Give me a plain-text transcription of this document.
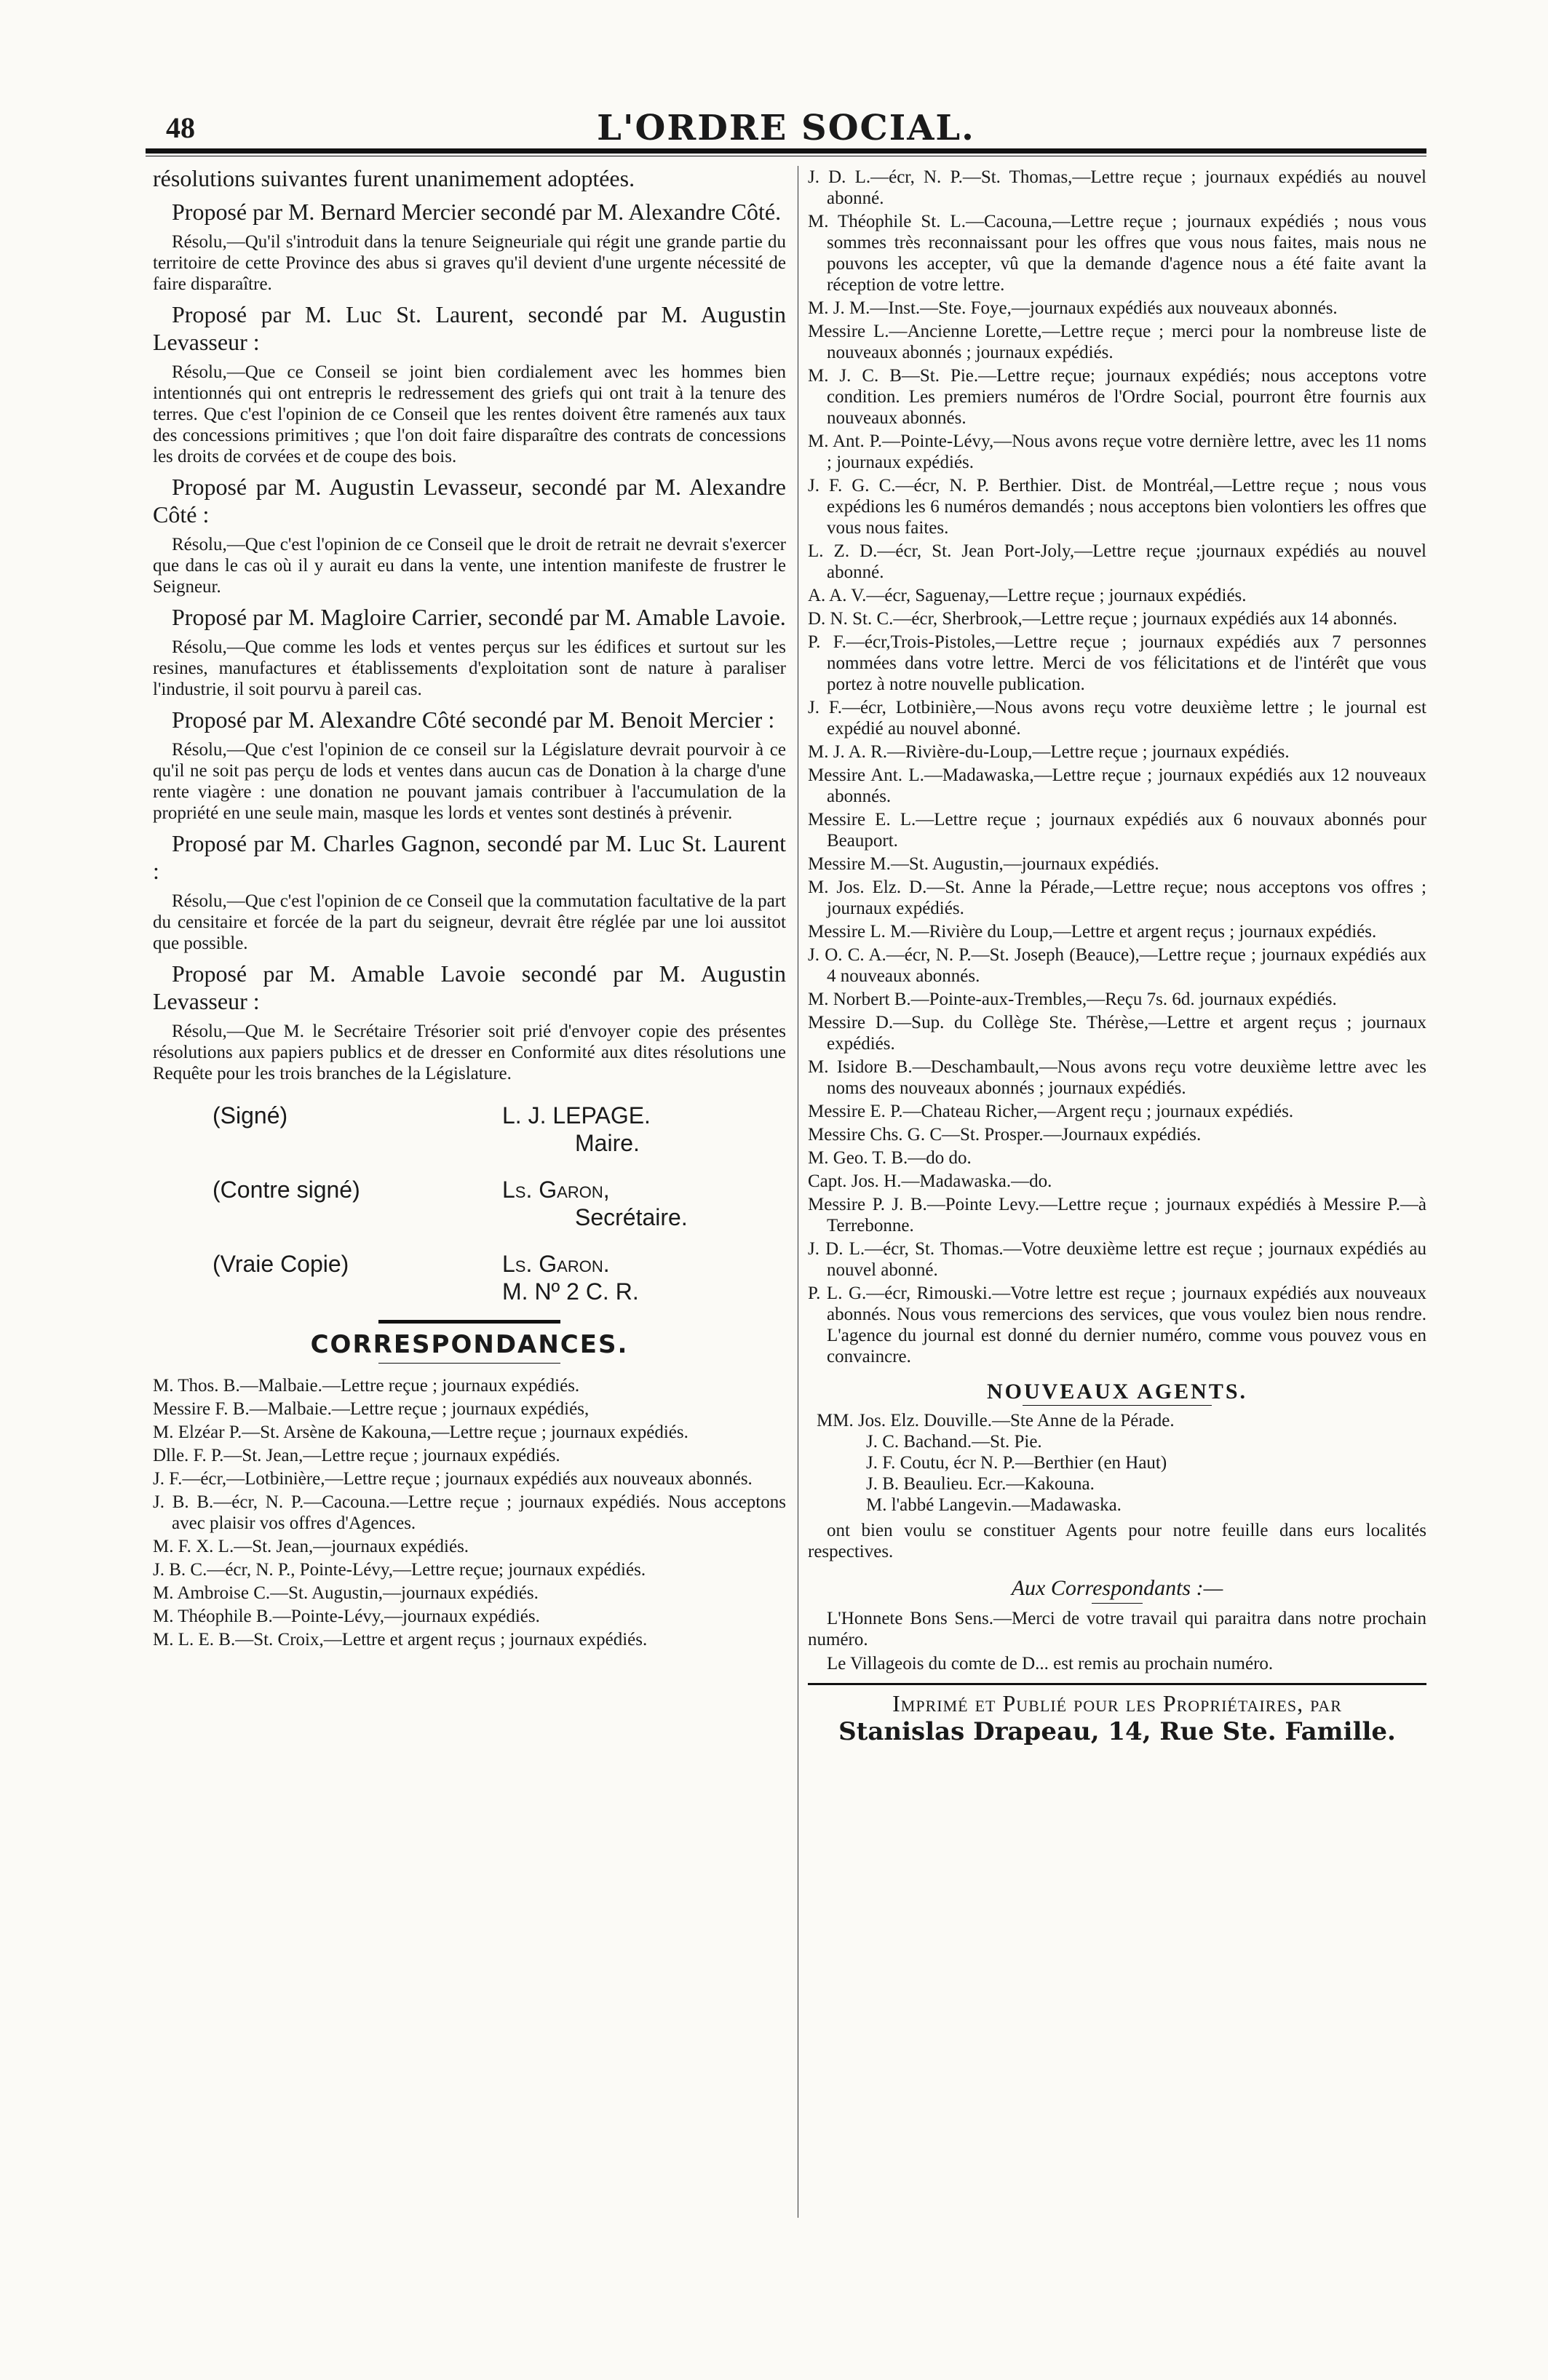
48	L'ORDRE SOCIAL.

résolutions suivantes furent unanimement adoptées.

Proposé par M. Bernard Mercier secondé par M. Alexandre Côté.

Résolu,—Qu'il s'introduit dans la tenure Seigneuriale qui régit une grande partie du territoire de cette Province des abus si graves qu'il devient d'une urgente nécessité de faire disparaître.

Proposé par M. Luc St. Laurent, secondé par M. Augustin Levasseur :

Résolu,—Que ce Conseil se joint bien cordialement avec les hommes bien intentionnés qui ont entrepris le redressement des griefs qui ont trait à la tenure des terres. Que c'est l'opinion de ce Conseil que les rentes doivent être ramenés aux taux des concessions primitives ; que l'on doit faire disparaître des contrats de concessions les droits de corvées et de coupe des bois.

Proposé par M. Augustin Levasseur, secondé par M. Alexandre Côté :

Résolu,—Que c'est l'opinion de ce Conseil que le droit de retrait ne devrait s'exercer que dans le cas où il y aurait eu dans la vente, une intention manifeste de frustrer le Seigneur.

Proposé par M. Magloire Carrier, secondé par M. Amable Lavoie.

Résolu,—Que comme les lods et ventes perçus sur les édifices et surtout sur les resines, manufactures et établissements d'exploitation sont de nature à paraliser l'industrie, il soit pourvu à pareil cas.

Proposé par M. Alexandre Côté secondé par M. Benoit Mercier :

Résolu,—Que c'est l'opinion de ce conseil sur la Législature devrait pourvoir à ce qu'il ne soit pas perçu de lods et ventes dans aucun cas de Donation à la charge d'une rente viagère : une donation ne pouvant jamais contribuer à l'accumulation de la propriété en une seule main, masque les lords et ventes sont destinés à prévenir.

Proposé par M. Charles Gagnon, secondé par M. Luc St. Laurent :

Résolu,—Que c'est l'opinion de ce Conseil que la commutation facultative de la part du censitaire et forcée de la part du seigneur, devrait être réglée par une loi aussitot que possible.

Proposé par M. Amable Lavoie secondé par M. Augustin Levasseur :

Résolu,—Que M. le Secrétaire Trésorier soit prié d'envoyer copie des présentes résolutions aux papiers publics et de dresser en Conformité aux dites résolutions une Requête pour les trois branches de la Législature.

(Signé)	L. J. LEPAGE.
Maire.
(Contre signé)	Ls. Garon,
Secrétaire.
(Vraie Copie)	Ls. Garon.
M. Nº 2 C. R.
CORRESPONDANCES.

M. Thos. B.—Malbaie.—Lettre reçue ; journaux expédiés.

Messire F. B.—Malbaie.—Lettre reçue ; journaux expédiés,

M. Elzéar P.—St. Arsène de Kakouna,—Lettre reçue ; journaux expédiés.

Dlle. F. P.—St. Jean,—Lettre reçue ; journaux expédiés.

J. F.—écr,—Lotbinière,—Lettre reçue ; journaux expédiés aux nouveaux abonnés.

J. B. B.—écr, N. P.—Cacouna.—Lettre reçue ; journaux expédiés. Nous acceptons avec plaisir vos offres d'Agences.

M. F. X. L.—St. Jean,—journaux expédiés.

J. B. C.—écr, N. P., Pointe-Lévy,—Lettre reçue; journaux expédiés.

M. Ambroise C.—St. Augustin,—journaux expédiés.

M. Théophile B.—Pointe-Lévy,—journaux expédiés.

M. L. E. B.—St. Croix,—Lettre et argent reçus ; journaux expédiés.

J. D. L.—écr, N. P.—St. Thomas,—Lettre reçue ; journaux expédiés au nouvel abonné.

M. Théophile St. L.—Cacouna,—Lettre reçue ; journaux expédiés ; nous vous sommes très reconnaissant pour les offres que vous nous faites, mais nous ne pouvons les accepter, vû que la demande d'agence nous a été faite avant la réception de votre lettre.

M. J. M.—Inst.—Ste. Foye,—journaux expédiés aux nouveaux abonnés.

Messire L.—Ancienne Lorette,—Lettre reçue ; merci pour la nombreuse liste de nouveaux abonnés ; journaux expédiés.

M. J. C. B—St. Pie.—Lettre reçue; journaux expédiés; nous acceptons votre condition. Les premiers numéros de l'Ordre Social, pourront être fournis aux nouveaux abonnés.

M. Ant. P.—Pointe-Lévy,—Nous avons reçue votre dernière lettre, avec les 11 noms ; journaux expédiés.

J. F. G. C.—écr, N. P. Berthier. Dist. de Montréal,—Lettre reçue ; nous vous expédions les 6 numéros demandés ; nous acceptons bien volontiers les offres que vous nous faites.

L. Z. D.—écr, St. Jean Port-Joly,—Lettre reçue ;journaux expédiés au nouvel abonné.

A. A. V.—écr, Saguenay,—Lettre reçue ; journaux expédiés.

D. N. St. C.—écr, Sherbrook,—Lettre reçue ; journaux expédiés aux 14 abonnés.

P. F.—écr,Trois-Pistoles,—Lettre reçue ; journaux expédiés aux 7 personnes nommées dans votre lettre. Merci de vos félicitations et de l'intérêt que vous portez à notre nouvelle publication.

J. F.—écr, Lotbinière,—Nous avons reçu votre deuxième lettre ; le journal est expédié au nouvel abonné.

M. J. A. R.—Rivière-du-Loup,—Lettre reçue ; journaux expédiés.

Messire Ant. L.—Madawaska,—Lettre reçue ; journaux expédiés aux 12 nouveaux abonnés.

Messire E. L.—Lettre reçue ; journaux expédiés aux 6 nouvaux abonnés pour Beauport.

Messire M.—St. Augustin,—journaux expédiés.

M. Jos. Elz. D.—St. Anne la Pérade,—Lettre reçue; nous acceptons vos offres ; journaux expédiés.

Messire L. M.—Rivière du Loup,—Lettre et argent reçus ; journaux expédiés.

J. O. C. A.—écr, N. P.—St. Joseph (Beauce),—Lettre reçue ; journaux expédiés aux 4 nouveaux abonnés.

M. Norbert B.—Pointe-aux-Trembles,—Reçu 7s. 6d. journaux expédiés.

Messire D.—Sup. du Collège Ste. Thérèse,—Lettre et argent reçus ; journaux expédiés.

M. Isidore B.—Deschambault,—Nous avons reçu votre deuxième lettre avec les noms des nouveaux abonnés ; journaux expédiés.

Messire E. P.—Chateau Richer,—Argent reçu ; journaux expédiés.

Messire Chs. G. C—St. Prosper.—Journaux expédiés.

M. Geo. T. B.—do do.

Capt. Jos. H.—Madawaska.—do.

Messire P. J. B.—Pointe Levy.—Lettre reçue ; journaux expédiés à Messire P.—à Terrebonne.

J. D. L.—écr, St. Thomas.—Votre deuxième lettre est reçue ; journaux expédiés au nouvel abonné.

P. L. G.—écr, Rimouski.—Votre lettre est reçue ; journaux expédiés aux nouveaux abonnés. Nous vous remercions des services, que vous voulez bien nous rendre. L'agence du journal est donné du dernier numéro, comme vous pouvez vous en convaincre.

NOUVEAUX AGENTS.

MM. Jos. Elz. Douville.—Ste Anne de la Pérade.

J. C. Bachand.—St. Pie.

J. F. Coutu, écr N. P.—Berthier (en Haut)

J. B. Beaulieu. Ecr.—Kakouna.

M. l'abbé Langevin.—Madawaska.

ont bien voulu se constituer Agents pour notre feuille dans eurs localités respectives.

Aux Correspondants :—

L'Honnete Bons Sens.—Merci de votre travail qui paraitra dans notre prochain numéro.

Le Villageois du comte de D... est remis au prochain numéro.

Imprimé et Publié pour les Propriétaires, par

Stanislas Drapeau, 14, Rue Ste. Famille.
